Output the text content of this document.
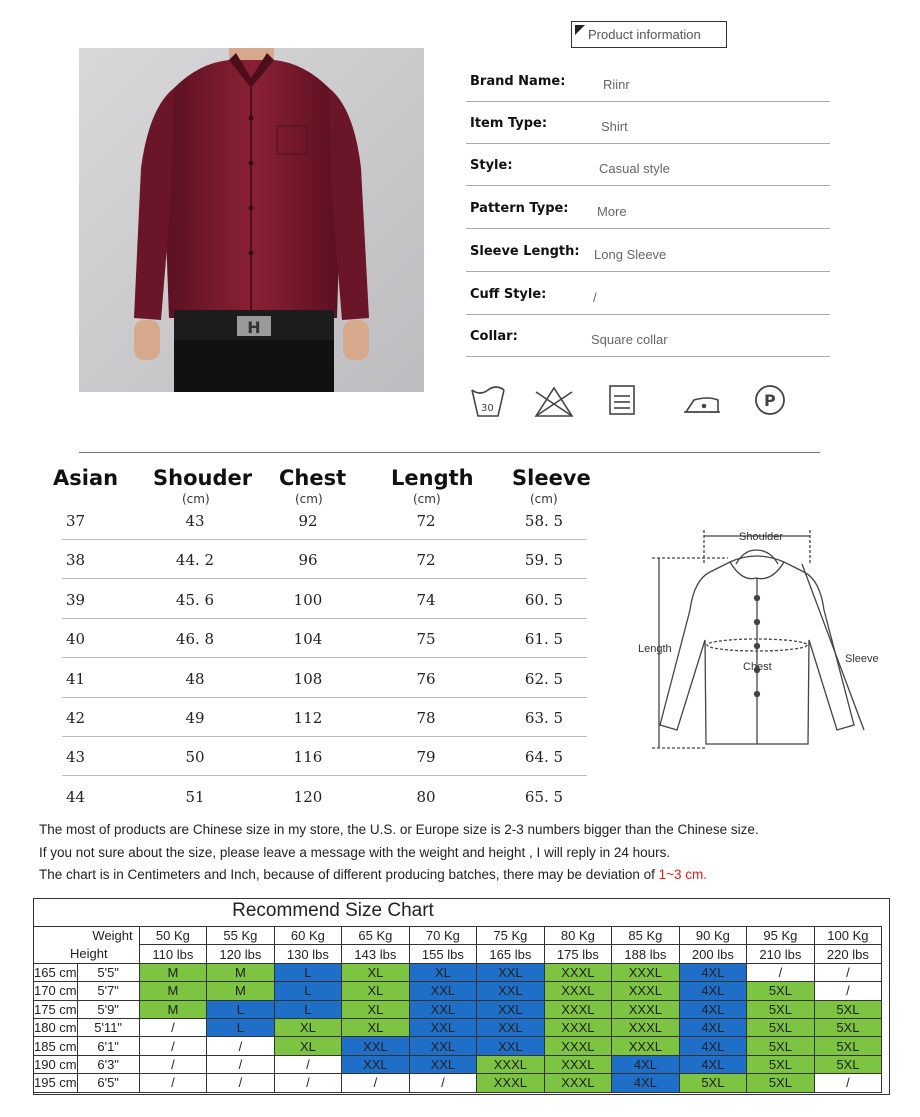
H
Product information
Brand Name:	Riinr
Item Type:	Shirt
Style:	Casual style
Pattern Type: More
Sleeve Length: Long Sleeve
Cuff Style:	/
Collar:	Square collar
30	P
Asian Shouder Chest Length Sleeve
(cm)	(cm)	(cm)	(cm)
37	43	92	72	58. 5
38	44. 2	96	72	59. 5
39	45. 6	100	74	60. 5
40	46. 8	104	75	61. 5
41	48	108	76	62. 5
42	49	112	78	63. 5
43	50	116	79	64. 5
44	51	120	80	65. 5
Shoulder
Length
Chest
Sleeve
The most of products are Chinese size in my store, the U.S. or Europe size is 2-3 numbers bigger than the Chinese size.
If you not sure about the size, please leave a message with the weight and height , I will reply in 24 hours.
The chart is in Centimeters and Inch, because of different producing batches, there may be deviation of 1~3 cm.
Recommend Size Chart
Weight		50 Kg	55 Kg	60 Kg	65 Kg	70 Kg	75 Kg	80 Kg	85 Kg	90 Kg	95 Kg	100 Kg
Height		110 lbs	120 lbs	130 lbs	143 lbs	155 lbs	165 lbs	175 lbs	188 lbs	200 lbs	210 lbs	220 lbs
165 cm	5'5"	M	M	L	XL	XL	XXL	XXXL	XXXL	4XL	/	/
170 cm	5'7"	M	M	L	XL	XXL	XXL	XXXL	XXXL	4XL	5XL	/
175 cm	5'9"	M	L	L	XL	XXL	XXL	XXXL	XXXL	4XL	5XL	5XL
180 cm	5'11"	/	L	XL	XL	XXL	XXL	XXXL	XXXL	4XL	5XL	5XL
185 cm	6'1"	/	/	XL	XXL	XXL	XXL	XXXL	XXXL	4XL	5XL	5XL
190 cm	6'3"	/	/	/	XXL	XXL	XXXL	XXXL	4XL	4XL	5XL	5XL
195 cm	6'5"	/	/	/	/	/	XXXL	XXXL	4XL	5XL	5XL	/
